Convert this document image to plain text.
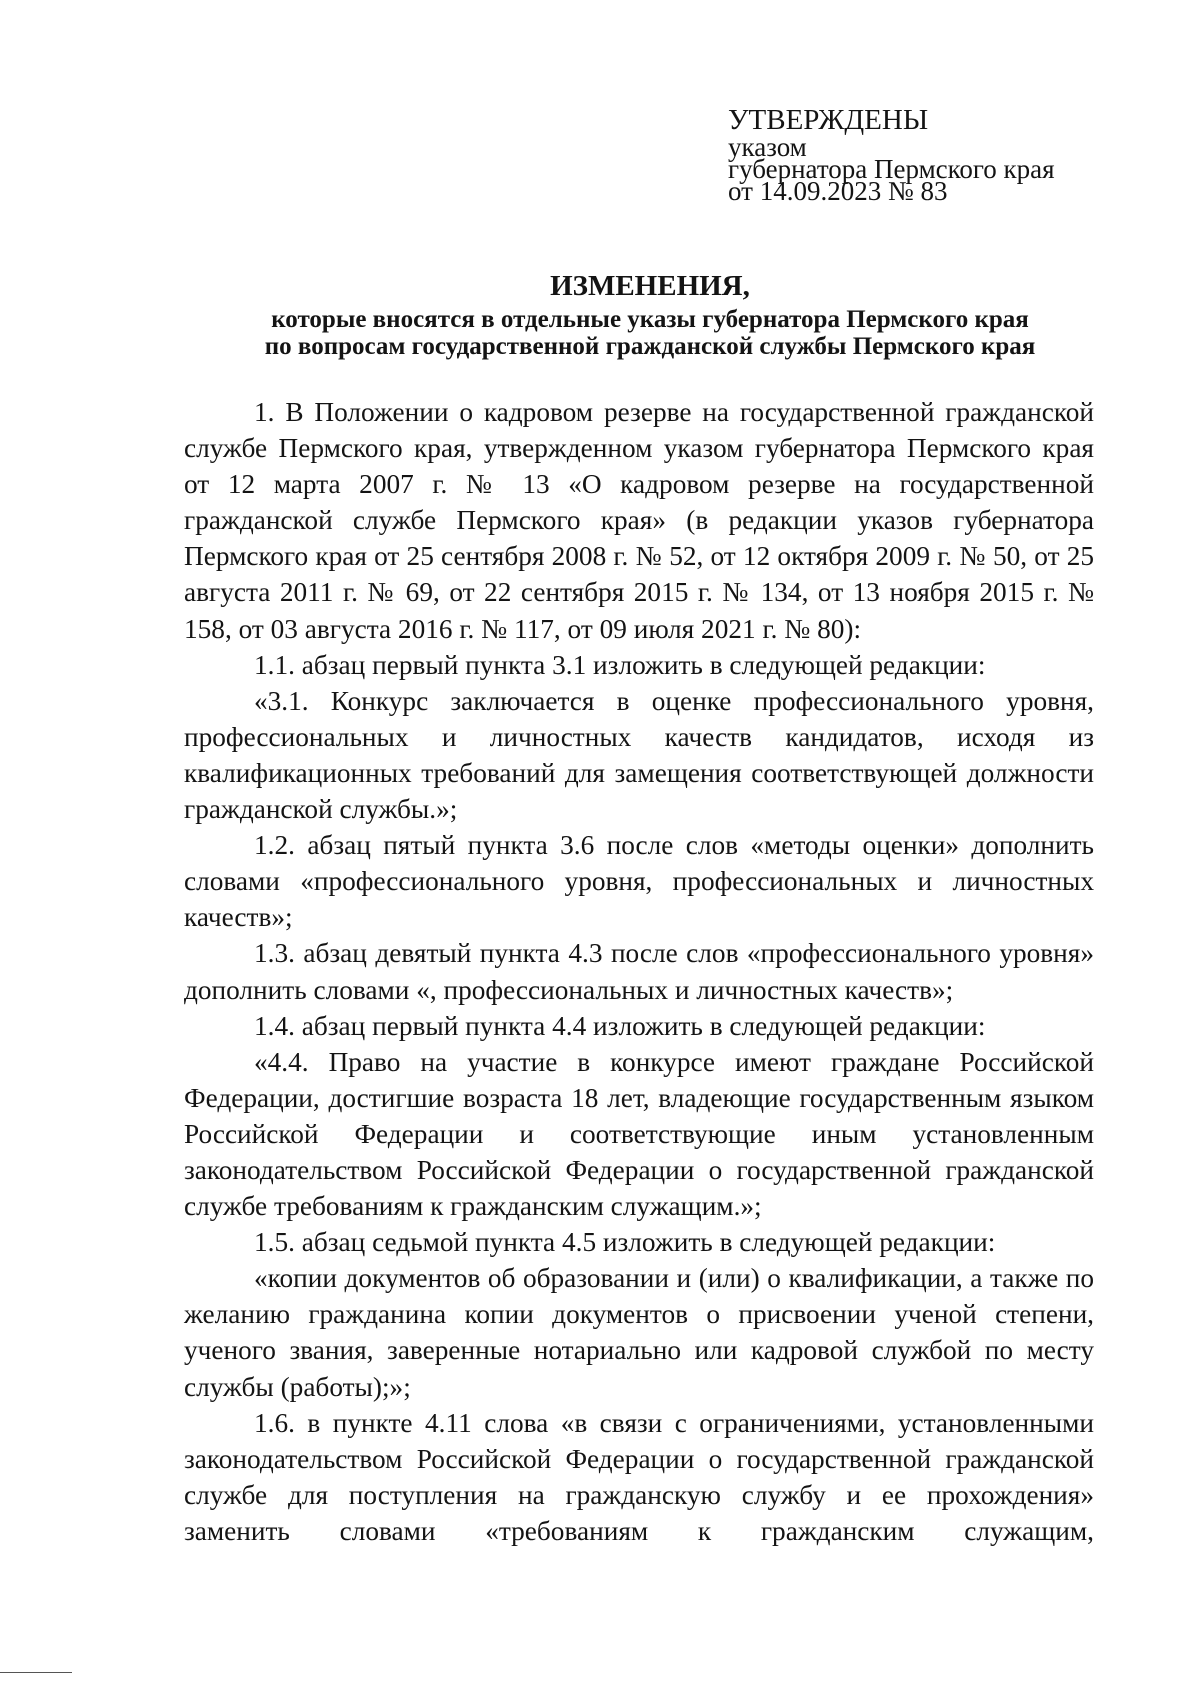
УТВЕРЖДЕНЫ
указом
губернатора Пермского края
от 14.09.2023 № 83
ИЗМЕНЕНИЯ,
которые вносятся в отдельные указы губернатора Пермского края
по вопросам государственной гражданской службы Пермского края

1. В Положении о кадровом резерве на государственной гражданской службе Пермского края, утвержденном указом губернатора Пермского края от 12 марта 2007 г. № 13 «О кадровом резерве на государственной гражданской службе Пермского края» (в редакции указов губернатора Пермского края от 25 сентября 2008 г. № 52, от 12 октября 2009 г. № 50, от 25 августа 2011 г. № 69, от 22 сентября 2015 г. № 134, от 13 ноября 2015 г. № 158, от 03 августа 2016 г. № 117, от 09 июля 2021 г. № 80):

1.1. абзац первый пункта 3.1 изложить в следующей редакции:

«3.1. Конкурс заключается в оценке профессионального уровня, профессиональных и личностных качеств кандидатов, исходя из квалификационных требований для замещения соответствующей должности гражданской службы.»;

1.2. абзац пятый пункта 3.6 после слов «методы оценки» дополнить словами «профессионального уровня, профессиональных и личностных качеств»;

1.3. абзац девятый пункта 4.3 после слов «профессионального уровня» дополнить словами «, профессиональных и личностных качеств»;

1.4. абзац первый пункта 4.4 изложить в следующей редакции:

«4.4. Право на участие в конкурсе имеют граждане Российской Федерации, достигшие возраста 18 лет, владеющие государственным языком Российской Федерации и соответствующие иным установленным законодательством Российской Федерации о государственной гражданской службе требованиям к гражданским служащим.»;

1.5. абзац седьмой пункта 4.5 изложить в следующей редакции:

«копии документов об образовании и (или) о квалификации, а также по желанию гражданина копии документов о присвоении ученой степени, ученого звания, заверенные нотариально или кадровой службой по месту службы (работы);»;

1.6. в пункте 4.11 слова «в связи с ограничениями, установленными законодательством Российской Федерации о государственной гражданской службе для поступления на гражданскую службу и ее прохождения» заменить словами «требованиям к гражданским служащим,
